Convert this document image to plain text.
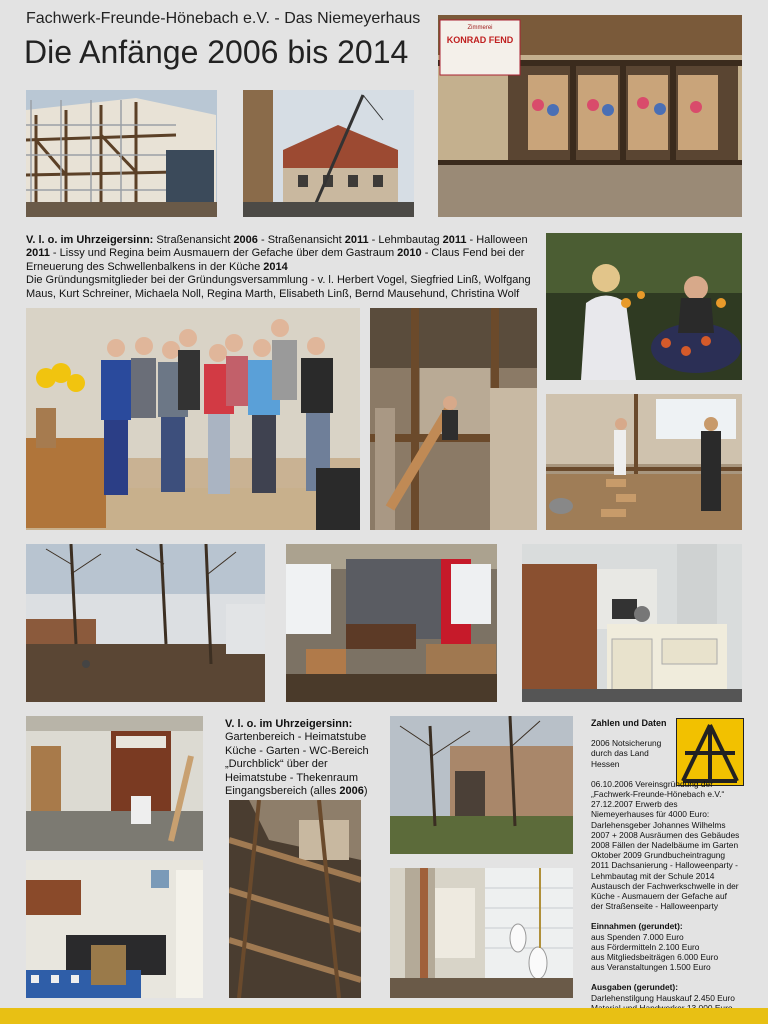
Fachwerk-Freunde-Hönebach e.V. - Das Niemeyerhaus
Die Anfänge 2006 bis 2014
Zimmerei
KONRAD FEND
V. l. o. im Uhrzeigersinn: Straßenansicht 2006 - Straßenansicht 2011 - Lehmbautag 2011 - Halloween 2011 - Lissy und Regina beim Ausmauern der Gefache über dem Gastraum 2010 - Claus Fend bei der Erneuerung des Schwellenbalkens in der Küche 2014
Die Gründungsmitglieder bei der Gründungsversammlung - v. l. Herbert Vogel, Siegfried Linß, Wolfgang Maus, Kurt Schreiner, Michaela Noll, Regina Marth, Elisabeth Linß, Bernd Mausehund, Christina Wolf
V. l. o. im Uhrzeigersinn:
Gartenbereich - Heimatstube Küche - Garten - WC-Bereich „Durchblick“ über der Heimatstube - Thekenraum Eingangsbereich (alles 2006)

Zahlen und Daten

2006 Notsicherung durch das Land Hessen

06.10.2006 Vereinsgründung der „Fachwerk-Freunde-Hönebach e.V.“ 27.12.2007 Erwerb des Niemeyerhauses für 4000 Euro: Darlehensgeber Johannes Wilhelms 2007 + 2008 Ausräumen des Gebäudes 2008 Fällen der Nadelbäume im Garten Oktober 2009 Grundbucheintragung 2011 Dachsanierung - Halloweenparty - Lehmbautag mit der Schule 2014 Austausch der Fachwerkschwelle in der Küche - Ausmauern der Gefache auf der Straßenseite - Halloweenparty

Einnahmen (gerundet):

aus Spenden 7.000 Euro

aus Fördermitteln 2.100 Euro

aus Mitgliedsbeiträgen 6.000 Euro

aus Veranstaltungen 1.500 Euro

Ausgaben (gerundet):

Darlehenstilgung Hauskauf 2.450 Euro
